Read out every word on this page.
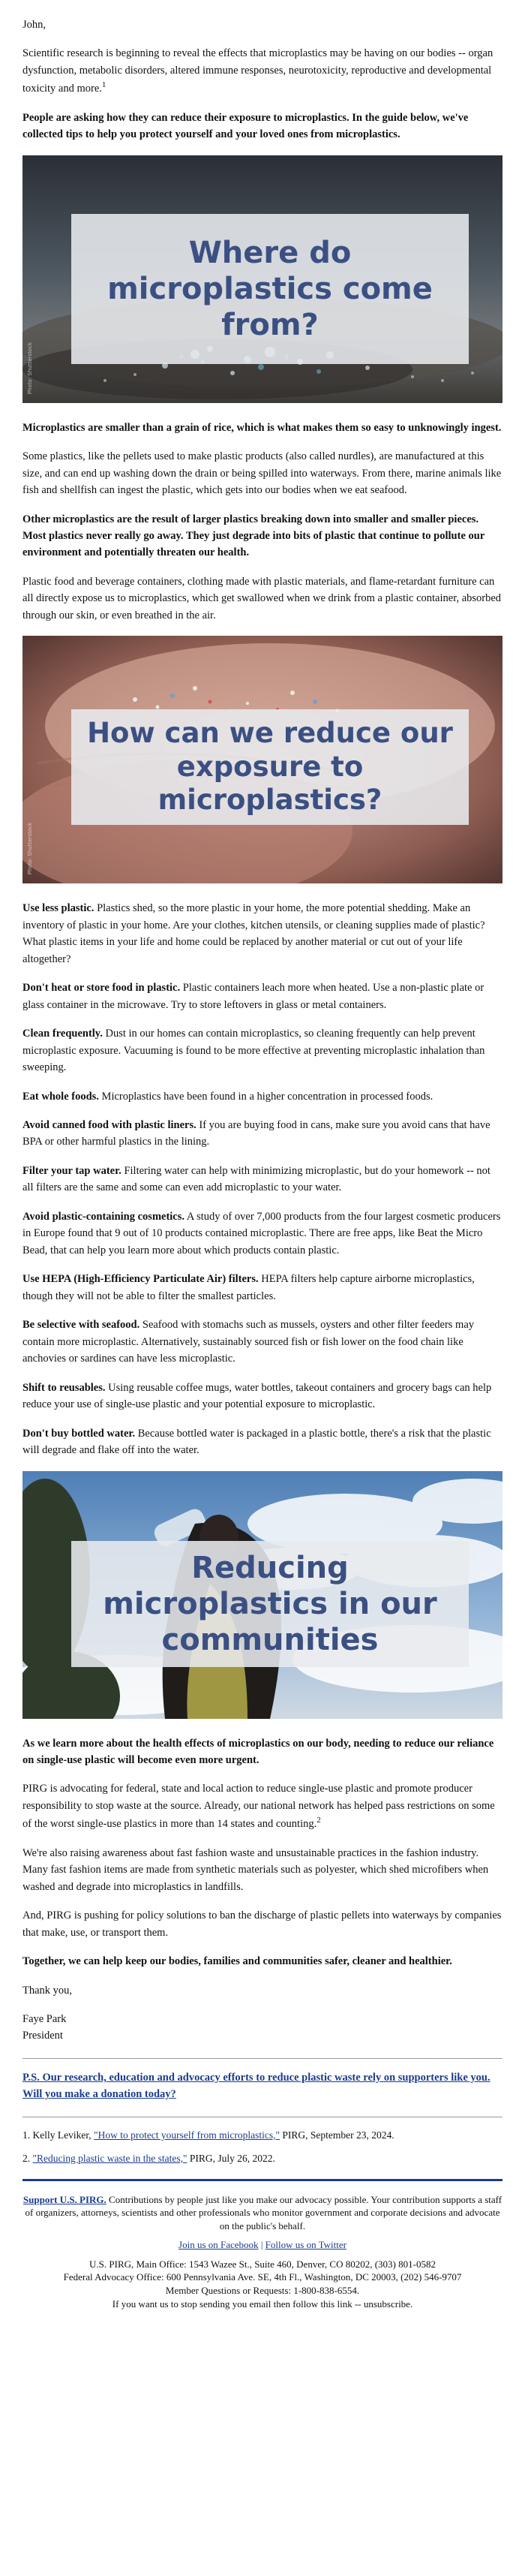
John,

Scientific research is beginning to reveal the effects that microplastics may be having on our bodies -- organ dysfunction, metabolic disorders, altered immune responses, neurotoxicity, reproductive and developmental toxicity and more.$^1$

People are asking how they can reduce their exposure to microplastics. In the guide below, we've collected tips to help you protect yourself and your loved ones from microplastics.

Where do microplastics come from?
Photo: Shutterstock

Microplastics are smaller than a grain of rice, which is what makes them so easy to unknowingly ingest.

Some plastics, like the pellets used to make plastic products (also called nurdles), are manufactured at this size, and can end up washing down the drain or being spilled into waterways. From there, marine animals like fish and shellfish can ingest the plastic, which gets into our bodies when we eat seafood.

Other microplastics are the result of larger plastics breaking down into smaller and smaller pieces. Most plastics never really go away. They just degrade into bits of plastic that continue to pollute our environment and potentially threaten our health.

Plastic food and beverage containers, clothing made with plastic materials, and flame-retardant furniture can all directly expose us to microplastics, which get swallowed when we drink from a plastic container, absorbed through our skin, or even breathed in the air.

How can we reduce our exposure to microplastics?
Photo: Shutterstock

Use less plastic. Plastics shed, so the more plastic in your home, the more potential shedding. Make an inventory of plastic in your home. Are your clothes, kitchen utensils, or cleaning supplies made of plastic? What plastic items in your life and home could be replaced by another material or cut out of your life altogether?

Don't heat or store food in plastic. Plastic containers leach more when heated. Use a non-plastic plate or glass container in the microwave. Try to store leftovers in glass or metal containers.

Clean frequently. Dust in our homes can contain microplastics, so cleaning frequently can help prevent microplastic exposure. Vacuuming is found to be more effective at preventing microplastic inhalation than sweeping.

Eat whole foods. Microplastics have been found in a higher concentration in processed foods.

Avoid canned food with plastic liners. If you are buying food in cans, make sure you avoid cans that have BPA or other harmful plastics in the lining.

Filter your tap water. Filtering water can help with minimizing microplastic, but do your homework -- not all filters are the same and some can even add microplastic to your water.

Avoid plastic-containing cosmetics. A study of over 7,000 products from the four largest cosmetic producers in Europe found that 9 out of 10 products contained microplastic. There are free apps, like Beat the Micro Bead, that can help you learn more about which products contain plastic.

Use HEPA (High-Efficiency Particulate Air) filters. HEPA filters help capture airborne microplastics, though they will not be able to filter the smallest particles.

Be selective with seafood. Seafood with stomachs such as mussels, oysters and other filter feeders may contain more microplastic. Alternatively, sustainably sourced fish or fish lower on the food chain like anchovies or sardines can have less microplastic.

Shift to reusables. Using reusable coffee mugs, water bottles, takeout containers and grocery bags can help reduce your use of single-use plastic and your potential exposure to microplastic.

Don't buy bottled water. Because bottled water is packaged in a plastic bottle, there's a risk that the plastic will degrade and flake off into the water.

Reducing microplastics in our communities

As we learn more about the health effects of microplastics on our body, needing to reduce our reliance on single-use plastic will become even more urgent.

PIRG is advocating for federal, state and local action to reduce single-use plastic and promote producer responsibility to stop waste at the source. Already, our national network has helped pass restrictions on some of the worst single-use plastics in more than 14 states and counting.$^2$

We're also raising awareness about fast fashion waste and unsustainable practices in the fashion industry. Many fast fashion items are made from synthetic materials such as polyester, which shed microfibers when washed and degrade into microplastics in landfills.

And, PIRG is pushing for policy solutions to ban the discharge of plastic pellets into waterways by companies that make, use, or transport them.

Together, we can help keep our bodies, families and communities safer, cleaner and healthier.

Thank you,

Faye Park
President

P.S. Our research, education and advocacy efforts to reduce plastic waste rely on supporters like you. Will you make a donation today?

1. Kelly Leviker, "How to protect yourself from microplastics," PIRG, September 23, 2024.

2. "Reducing plastic waste in the states," PIRG, July 26, 2022.

Support U.S. PIRG. Contributions by people just like you make our advocacy possible. Your contribution supports a staff of organizers, attorneys, scientists and other professionals who monitor government and corporate decisions and advocate on the public's behalf.

Join us on Facebook | Follow us on Twitter

U.S. PIRG, Main Office: 1543 Wazee St., Suite 460, Denver, CO 80202, (303) 801-0582

Federal Advocacy Office: 600 Pennsylvania Ave. SE, 4th Fl., Washington, DC 20003, (202) 546-9707

Member Questions or Requests: 1-800-838-6554.

If you want us to stop sending you email then follow this link -- unsubscribe.
